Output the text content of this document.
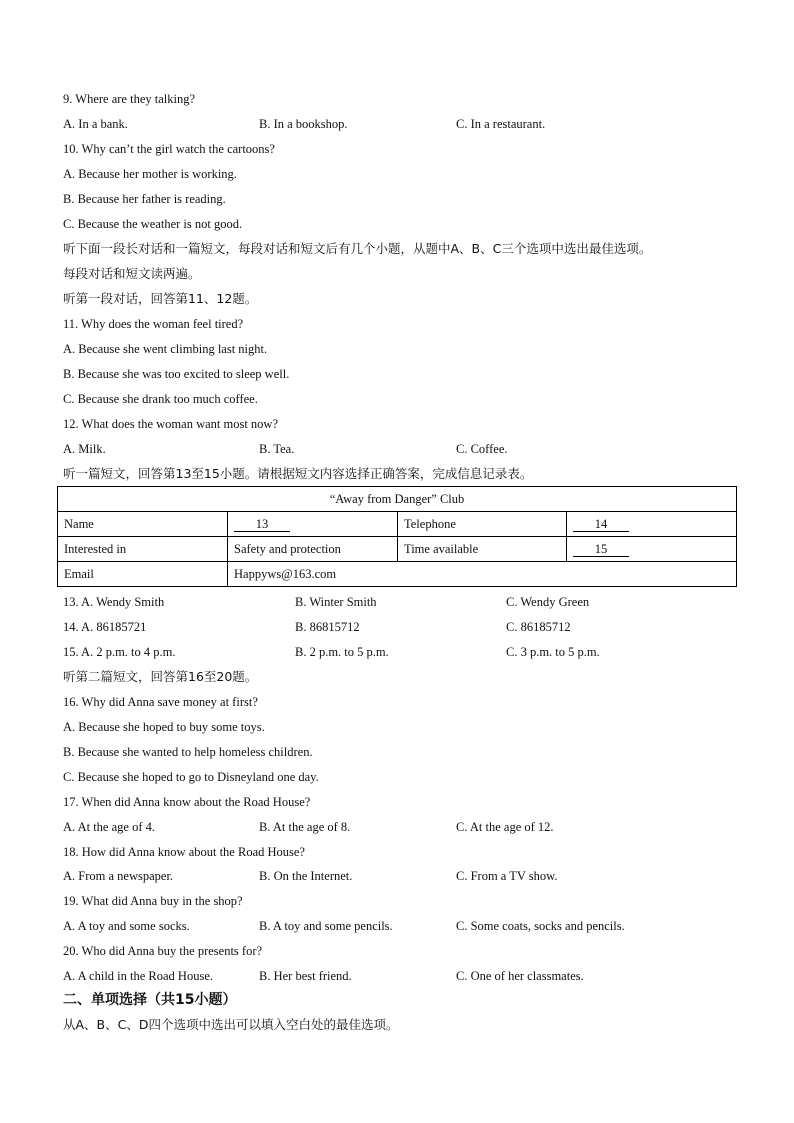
9. Where are they talking?
A. In a bank.	B. In a bookshop.	C. In a restaurant.
10. Why can’t the girl watch the cartoons?
A. Because her mother is working.
B. Because her father is reading.
C. Because the weather is not good.
听下面一段长对话和一篇短文，每段对话和短文后有几个小题，从题中A、B、C三个选项中选出最佳选项。
每段对话和短文读两遍。
听第一段对话，回答第11、12题。
11. Why does the woman feel tired?
A. Because she went climbing last night.
B. Because she was too excited to sleep well.
C. Because she drank too much coffee.
12. What does the woman want most now?
A. Milk.	B. Tea.	C. Coffee.
听一篇短文，回答第13至15小题。请根据短文内容选择正确答案，完成信息记录表。
“Away from Danger” Club			
Name	13	Telephone	14
Interested in	Safety and protection	Time available	15
Email	Happyws@163.com		
13. A. Wendy Smith	B. Winter Smith	C. Wendy Green
14. A. 86185721	B. 86815712	C. 86185712
15. A. 2 p.m. to 4 p.m.	B. 2 p.m. to 5 p.m.	C. 3 p.m. to 5 p.m.
听第二篇短文，回答第16至20题。
16. Why did Anna save money at first?
A. Because she hoped to buy some toys.
B. Because she wanted to help homeless children.
C. Because she hoped to go to Disneyland one day.
17. When did Anna know about the Road House?
A. At the age of 4.	B. At the age of 8.	C. At the age of 12.
18. How did Anna know about the Road House?
A. From a newspaper.	B. On the Internet.	C. From a TV show.
19. What did Anna buy in the shop?
A. A toy and some socks.	B. A toy and some pencils.	C. Some coats, socks and pencils.
20. Who did Anna buy the presents for?
A. A child in the Road House.	B. Her best friend.	C. One of her classmates.
二、单项选择（共15小题）
从A、B、C、D四个选项中选出可以填入空白处的最佳选项。
